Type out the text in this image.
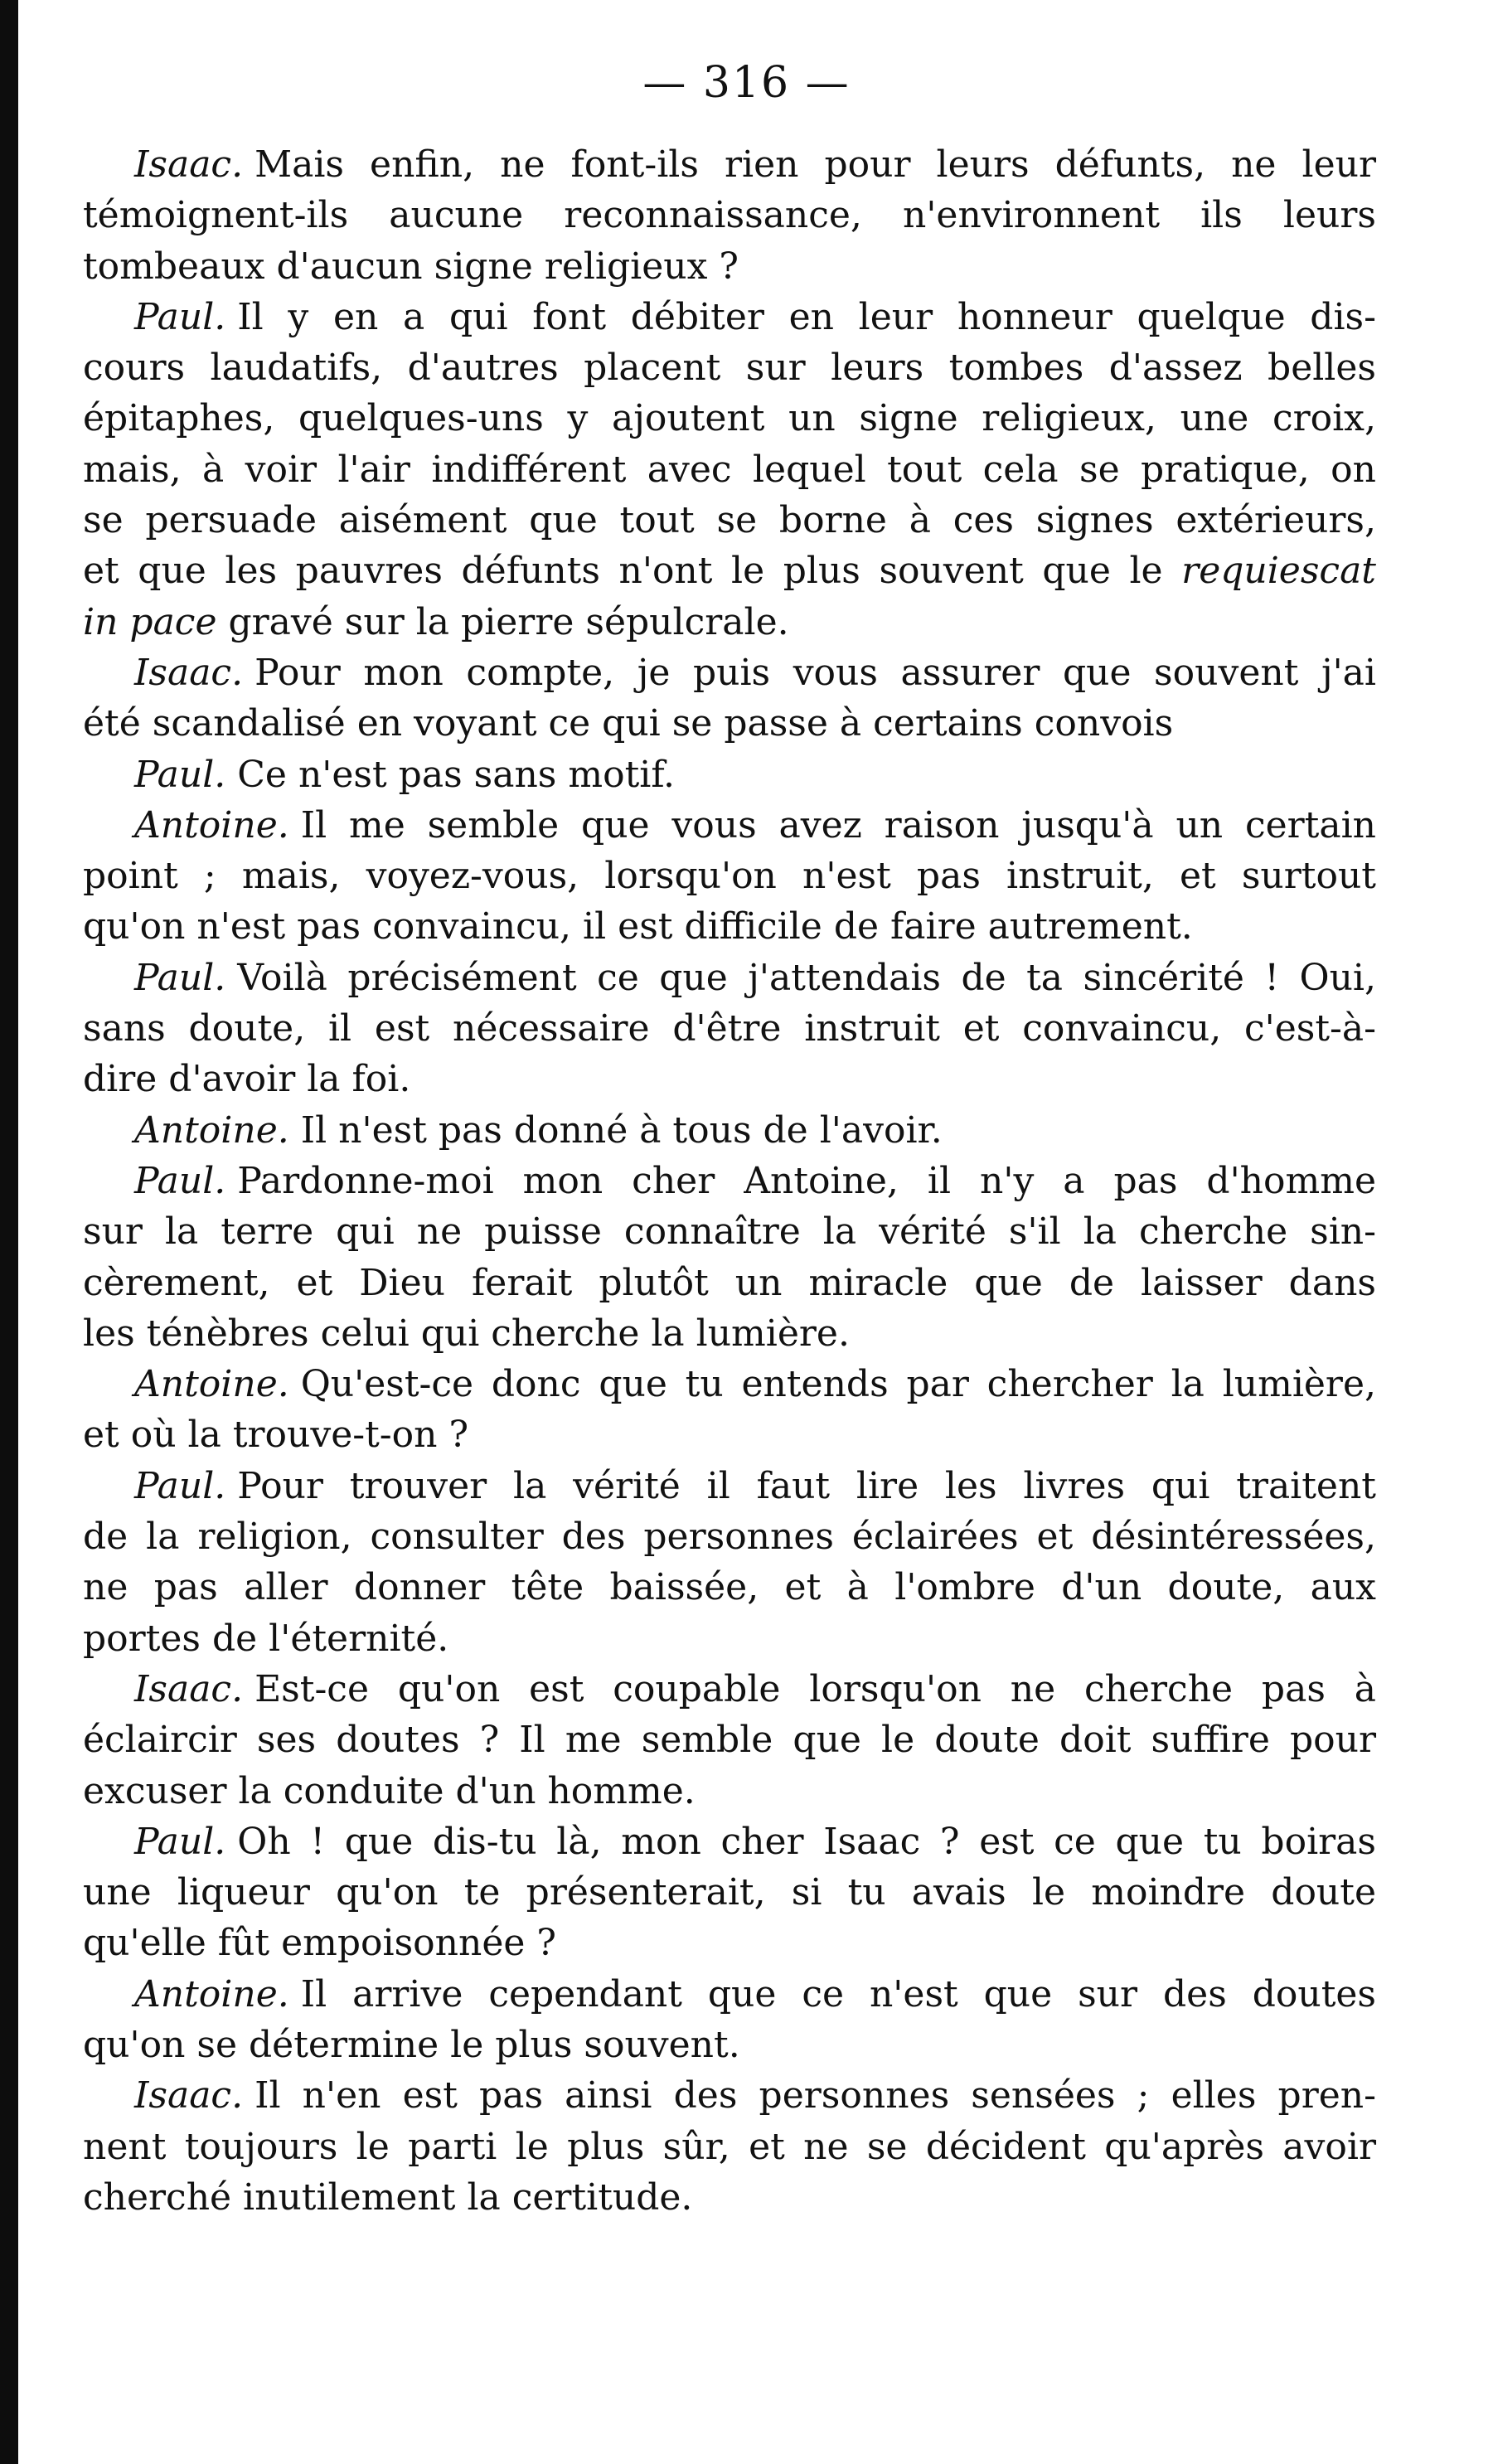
— 316 —
Isaac. Mais enfin, ne font-ils rien pour leurs défunts, ne leur
témoignent-ils aucune reconnaissance, n'environnent ils leurs
tombeaux d'aucun signe religieux ?
Paul. Il y en a qui font débiter en leur honneur quelque dis-
cours laudatifs, d'autres placent sur leurs tombes d'assez belles
épitaphes, quelques-uns y ajoutent un signe religieux, une croix,
mais, à voir l'air indifférent avec lequel tout cela se pratique, on
se persuade aisément que tout se borne à ces signes extérieurs,
et que les pauvres défunts n'ont le plus souvent que le requiescat
in pace gravé sur la pierre sépulcrale.
Isaac. Pour mon compte, je puis vous assurer que souvent j'ai
été scandalisé en voyant ce qui se passe à certains convois
Paul. Ce n'est pas sans motif.
Antoine. Il me semble que vous avez raison jusqu'à un certain
point ; mais, voyez-vous, lorsqu'on n'est pas instruit, et surtout
qu'on n'est pas convaincu, il est difficile de faire autrement.
Paul. Voilà précisément ce que j'attendais de ta sincérité ! Oui,
sans doute, il est nécessaire d'être instruit et convaincu, c'est-à-
dire d'avoir la foi.
Antoine. Il n'est pas donné à tous de l'avoir.
Paul. Pardonne-moi mon cher Antoine, il n'y a pas d'homme
sur la terre qui ne puisse connaître la vérité s'il la cherche sin-
cèrement, et Dieu ferait plutôt un miracle que de laisser dans
les ténèbres celui qui cherche la lumière.
Antoine. Qu'est-ce donc que tu entends par chercher la lumière,
et où la trouve-t-on ?
Paul. Pour trouver la vérité il faut lire les livres qui traitent
de la religion, consulter des personnes éclairées et désintéressées,
ne pas aller donner tête baissée, et à l'ombre d'un doute, aux
portes de l'éternité.
Isaac. Est-ce qu'on est coupable lorsqu'on ne cherche pas à
éclaircir ses doutes ? Il me semble que le doute doit suffire pour
excuser la conduite d'un homme.
Paul. Oh ! que dis-tu là, mon cher Isaac ? est ce que tu boiras
une liqueur qu'on te présenterait, si tu avais le moindre doute
qu'elle fût empoisonnée ?
Antoine. Il arrive cependant que ce n'est que sur des doutes
qu'on se détermine le plus souvent.
Isaac. Il n'en est pas ainsi des personnes sensées ; elles pren-
nent toujours le parti le plus sûr, et ne se décident qu'après avoir
cherché inutilement la certitude.
